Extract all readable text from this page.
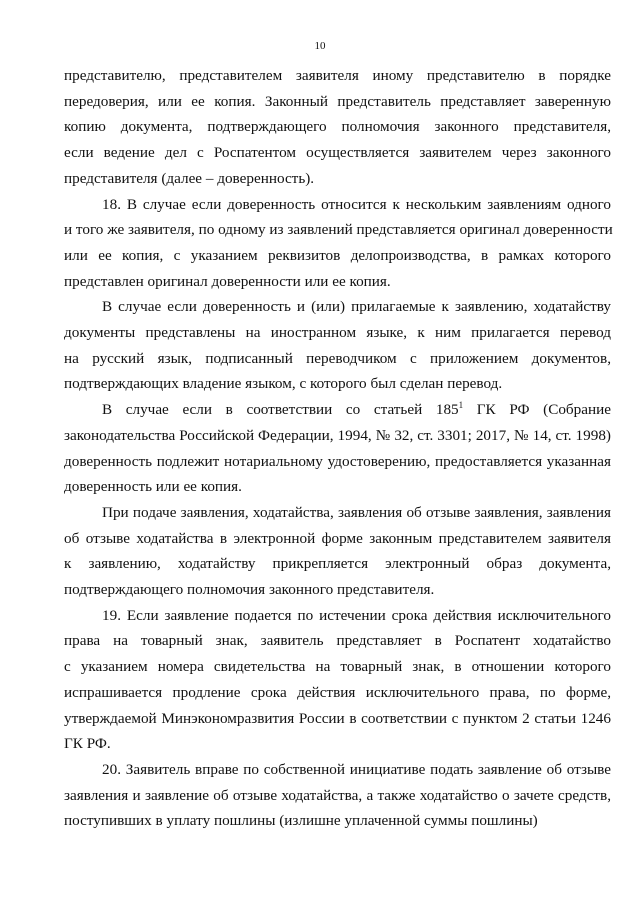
10

представителю, представителем заявителя иному представителю в порядке
передоверия, или ее копия. Законный представитель представляет заверенную
копию документа, подтверждающего полномочия законного представителя,
если ведение дел с Роспатентом осуществляется заявителем через законного
представителя (далее – доверенность).

18. В случае если доверенность относится к нескольким заявлениям одного
и того же заявителя, по одному из заявлений представляется оригинал доверенности
или ее копия, с указанием реквизитов делопроизводства, в рамках которого
представлен оригинал доверенности или ее копия.

В случае если доверенность и (или) прилагаемые к заявлению, ходатайству
документы представлены на иностранном языке, к ним прилагается перевод
на русский язык, подписанный переводчиком с приложением документов,
подтверждающих владение языком, с которого был сделан перевод.

В случае если в соответствии со статьей $185^1$ ГК РФ (Собрание
законодательства Российской Федерации, 1994, № 32, ст. 3301; 2017, № 14, ст. 1998)
доверенность подлежит нотариальному удостоверению, предоставляется указанная
доверенность или ее копия.

При подаче заявления, ходатайства, заявления об отзыве заявления, заявления
об отзыве ходатайства в электронной форме законным представителем заявителя
к заявлению, ходатайству прикрепляется электронный образ документа,
подтверждающего полномочия законного представителя.

19. Если заявление подается по истечении срока действия исключительного
права на товарный знак, заявитель представляет в Роспатент ходатайство
с указанием номера свидетельства на товарный знак, в отношении которого
испрашивается продление срока действия исключительного права, по форме,
утверждаемой Минэкономразвития России в соответствии с пунктом 2 статьи 1246
ГК РФ.

20. Заявитель вправе по собственной инициативе подать заявление об отзыве
заявления и заявление об отзыве ходатайства, а также ходатайство о зачете средств,
поступивших в уплату пошлины (излишне уплаченной суммы пошлины)
